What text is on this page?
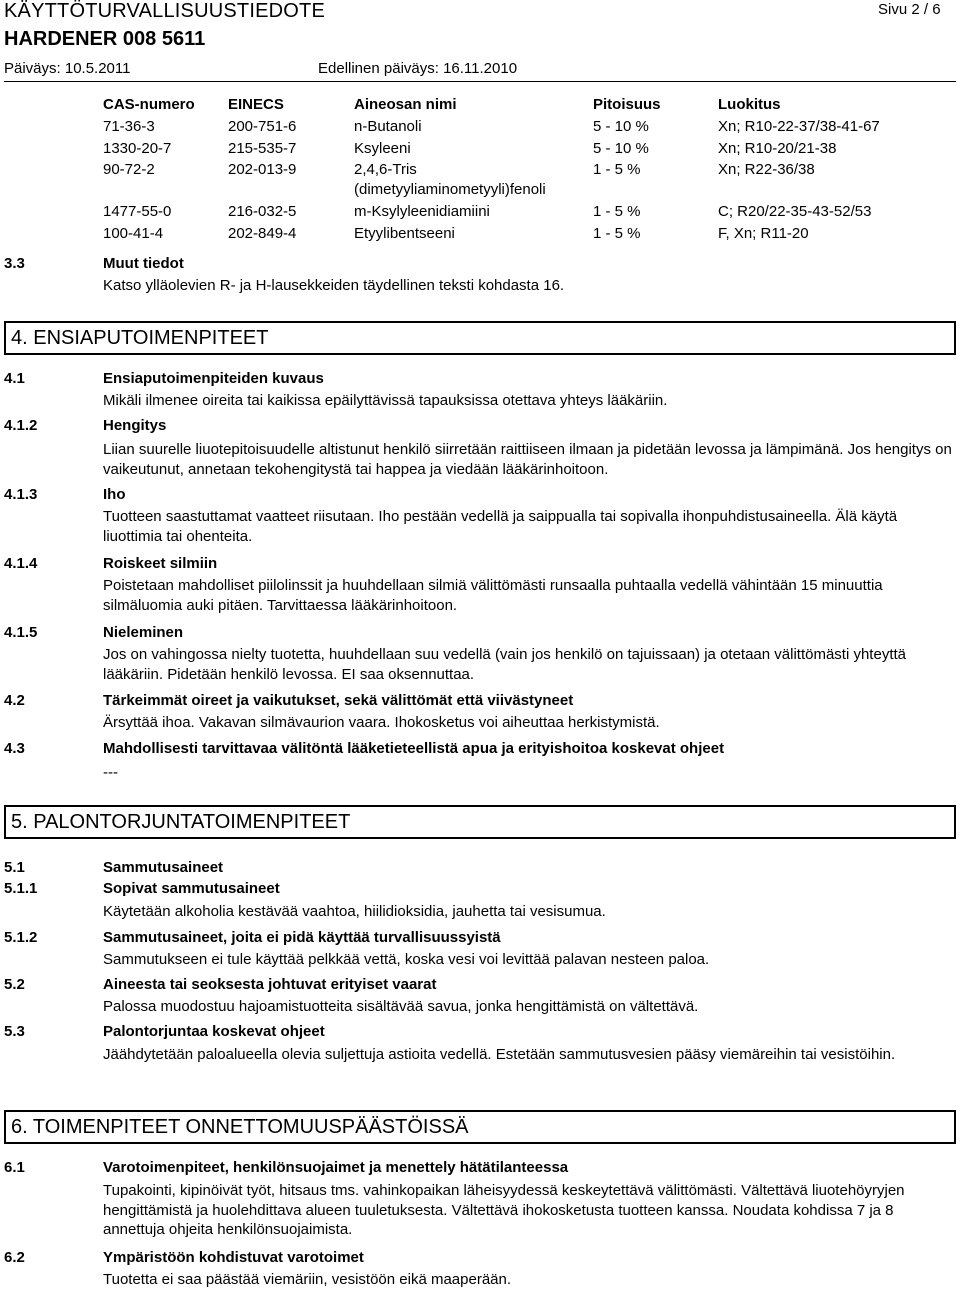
KÄYTTÖTURVALLISUUSTIEDOTE	Sivu 2 / 6
HARDENER 008 5611
Päiväys: 10.5.2011	Edellinen päiväys: 16.11.2010
CAS-numero EINECS	Aineosan nimi	Pitoisuus	Luokitus
71-36-3	200-751-6	n-Butanoli	5 - 10 %	Xn; R10-22-37/38-41-67
1330-20-7	215-535-7	Ksyleeni	5 - 10 %	Xn; R10-20/21-38
90-72-2	202-013-9	2,4,6-Tris	1 - 5 %	Xn; R22-36/38
(dimetyyliaminometyyli)fenoli
1477-55-0	216-032-5	m-Ksylyleenidiamiini	1 - 5 %	C; R20/22-35-43-52/53
100-41-4	202-849-4	Etyylibentseeni	1 - 5 %	F, Xn; R11-20
3.3	Muut tiedot
Katso ylläolevien R- ja H-lausekkeiden täydellinen teksti kohdasta 16.
4. ENSIAPUTOIMENPITEET
4.1	Ensiaputoimenpiteiden kuvaus
Mikäli ilmenee oireita tai kaikissa epäilyttävissä tapauksissa otettava yhteys lääkäriin.
4.1.2	Hengitys
Liian suurelle liuotepitoisuudelle altistunut henkilö siirretään raittiiseen ilmaan ja pidetään levossa ja lämpimänä. Jos hengitys on vaikeutunut, annetaan tekohengitystä tai happea ja viedään lääkärinhoitoon.
4.1.3	Iho
Tuotteen saastuttamat vaatteet riisutaan. Iho pestään vedellä ja saippualla tai sopivalla ihonpuhdistusaineella. Älä käytä liuottimia tai ohenteita.
4.1.4	Roiskeet silmiin
Poistetaan mahdolliset piilolinssit ja huuhdellaan silmiä välittömästi runsaalla puhtaalla vedellä vähintään 15 minuuttia silmäluomia auki pitäen. Tarvittaessa lääkärinhoitoon.
4.1.5	Nieleminen
Jos on vahingossa nielty tuotetta, huuhdellaan suu vedellä (vain jos henkilö on tajuissaan) ja otetaan välittömästi yhteyttä lääkäriin. Pidetään henkilö levossa. EI saa oksennuttaa.
4.2	Tärkeimmät oireet ja vaikutukset, sekä välittömät että viivästyneet
Ärsyttää ihoa. Vakavan silmävaurion vaara. Ihokosketus voi aiheuttaa herkistymistä.
4.3	Mahdollisesti tarvittavaa välitöntä lääketieteellistä apua ja erityishoitoa koskevat ohjeet
---
5. PALONTORJUNTATOIMENPITEET
5.1	Sammutusaineet
5.1.1	Sopivat sammutusaineet
Käytetään alkoholia kestävää vaahtoa, hiilidioksidia, jauhetta tai vesisumua.
5.1.2	Sammutusaineet, joita ei pidä käyttää turvallisuussyistä
Sammutukseen ei tule käyttää pelkkää vettä, koska vesi voi levittää palavan nesteen paloa.
5.2	Aineesta tai seoksesta johtuvat erityiset vaarat
Palossa muodostuu hajoamistuotteita sisältävää savua, jonka hengittämistä on vältettävä.
5.3	Palontorjuntaa koskevat ohjeet
Jäähdytetään paloalueella olevia suljettuja astioita vedellä. Estetään sammutusvesien pääsy viemäreihin tai vesistöihin.
6. TOIMENPITEET ONNETTOMUUSPÄÄSTÖISSÄ
6.1	Varotoimenpiteet, henkilönsuojaimet ja menettely hätätilanteessa
Tupakointi, kipinöivät työt, hitsaus tms. vahinkopaikan läheisyydessä keskeytettävä välittömästi. Vältettävä liuotehöyryjen hengittämistä ja huolehdittava alueen tuuletuksesta. Vältettävä ihokosketusta tuotteen kanssa. Noudata kohdissa 7 ja 8 annettuja ohjeita henkilönsuojaimista.
6.2	Ympäristöön kohdistuvat varotoimet
Tuotetta ei saa päästää viemäriin, vesistöön eikä maaperään.
